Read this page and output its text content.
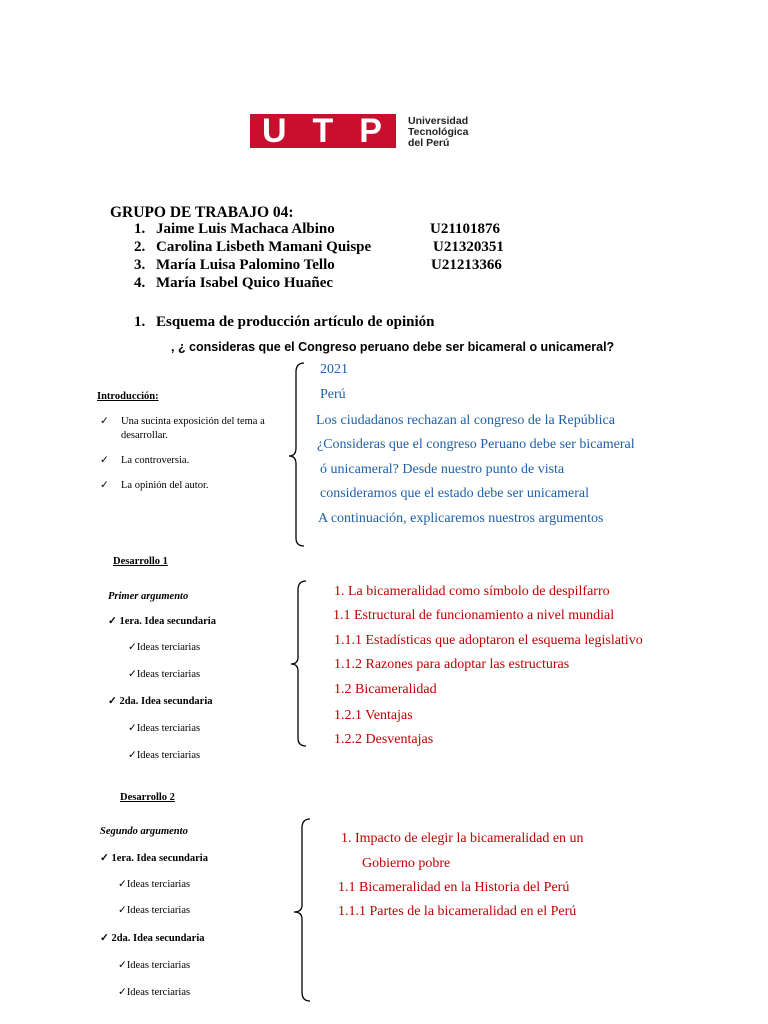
U T P Universidad
Tecnológica
del Perú
GRUPO DE TRABAJO 04:
1. Jaime Luis Machaca Albino	U21101876
2. Carolina Lisbeth Mamani Quispe	U21320351
3. María Luisa Palomino Tello	U21213366
4. María Isabel Quico Huañec
1. Esquema de producción artículo de opinión
, ¿ consideras que el Congreso peruano debe ser bicameral o unicameral?
Introducción:
✓ Una sucinta exposición del tema a
desarrollar.
✓ La controversia.
✓ La opinión del autor.
2021
Perú
Los ciudadanos rechazan al congreso de la República
¿Consideras que el congreso Peruano debe ser bicameral
ó unicameral? Desde nuestro punto de vista
consideramos que el estado debe ser unicameral
A continuación, explicaremos nuestros argumentos
Desarrollo 1
Primer argumento
✓ 1era. Idea secundaria
✓Ideas terciarias
✓Ideas terciarias
✓ 2da. Idea secundaria
✓Ideas terciarias
✓Ideas terciarias
1. La bicameralidad como símbolo de despilfarro
1.1 Estructural de funcionamiento a nivel mundial
1.1.1 Estadísticas que adoptaron el esquema legislativo
1.1.2 Razones para adoptar las estructuras
1.2 Bicameralidad
1.2.1 Ventajas
1.2.2 Desventajas
Desarrollo 2
Segundo argumento
✓ 1era. Idea secundaria
✓Ideas terciarias
✓Ideas terciarias
✓ 2da. Idea secundaria
✓Ideas terciarias
✓Ideas terciarias
1. Impacto de elegir la bicameralidad en un
Gobierno pobre
1.1 Bicameralidad en la Historia del Perú
1.1.1 Partes de la bicameralidad en el Perú
